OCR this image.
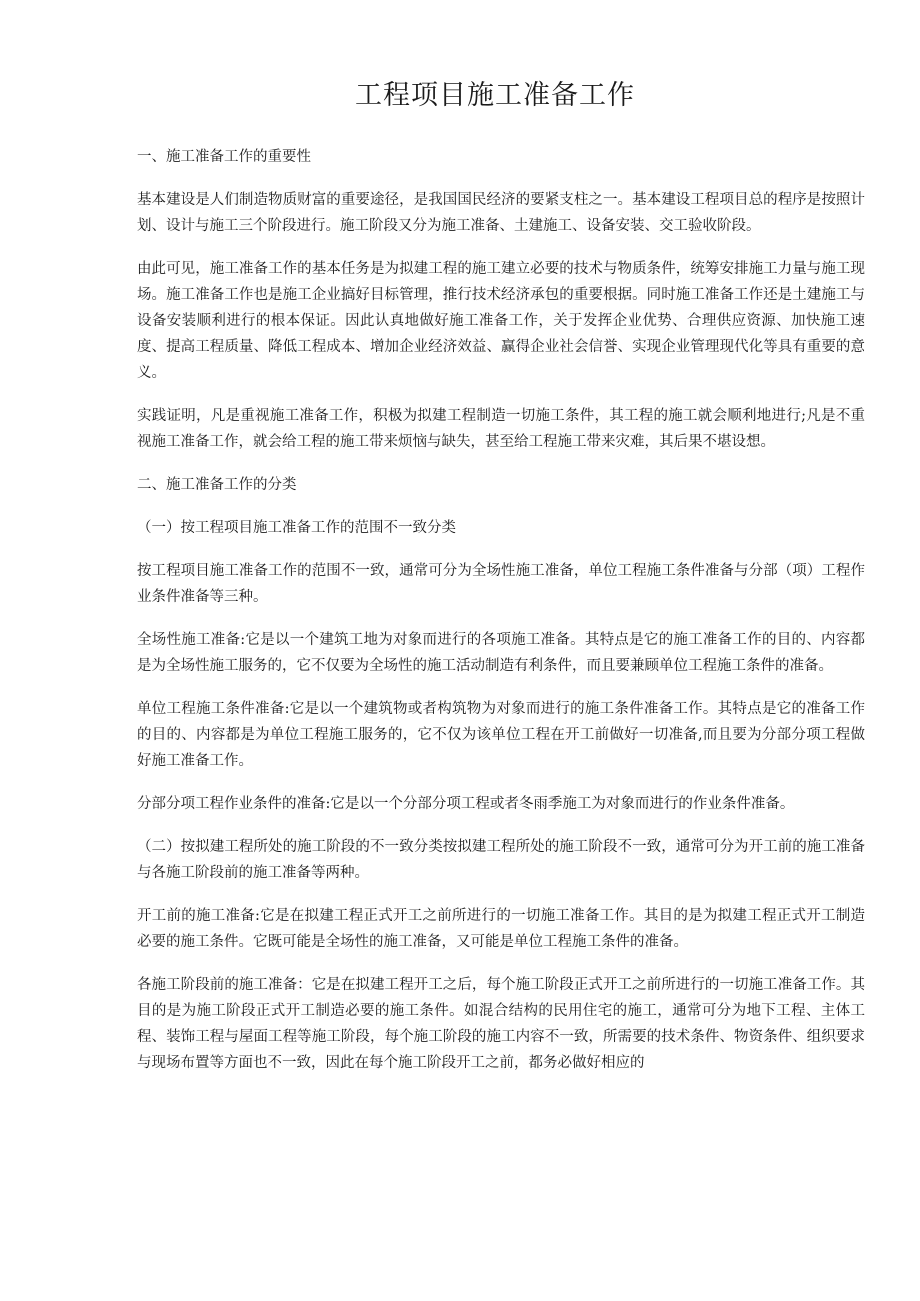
工程项目施工准备工作

一、施工准备工作的重要性

基本建设是人们制造物质财富的重要途径，是我国国民经济的要紧支柱之一。基本建设工程项目总的程序是按照计划、设计与施工三个阶段进行。施工阶段又分为施工准备、土建施工、设备安装、交工验收阶段。

由此可见，施工准备工作的基本任务是为拟建工程的施工建立必要的技术与物质条件，统筹安排施工力量与施工现场。施工准备工作也是施工企业搞好目标管理，推行技术经济承包的重要根据。同时施工准备工作还是土建施工与设备安装顺利进行的根本保证。因此认真地做好施工准备工作，关于发挥企业优势、合理供应资源、加快施工速度、提高工程质量、降低工程成本、增加企业经济效益、赢得企业社会信誉、实现企业管理现代化等具有重要的意义。

实践证明，凡是重视施工准备工作，积极为拟建工程制造一切施工条件，其工程的施工就会顺利地进行;凡是不重视施工准备工作，就会给工程的施工带来烦恼与缺失，甚至给工程施工带来灾难，其后果不堪设想。

二、施工准备工作的分类

（一）按工程项目施工准备工作的范围不一致分类

按工程项目施工准备工作的范围不一致，通常可分为全场性施工准备，单位工程施工条件准备与分部（项）工程作业条件准备等三种。

全场性施工准备:它是以一个建筑工地为对象而进行的各项施工准备。其特点是它的施工准备工作的目的、内容都是为全场性施工服务的，它不仅要为全场性的施工活动制造有利条件，而且要兼顾单位工程施工条件的准备。

单位工程施工条件准备:它是以一个建筑物或者构筑物为对象而进行的施工条件准备工作。其特点是它的准备工作的目的、内容都是为单位工程施工服务的，它不仅为该单位工程在开工前做好一切准备,而且要为分部分项工程做好施工准备工作。

分部分项工程作业条件的准备:它是以一个分部分项工程或者冬雨季施工为对象而进行的作业条件准备。

（二）按拟建工程所处的施工阶段的不一致分类按拟建工程所处的施工阶段不一致，通常可分为开工前的施工准备与各施工阶段前的施工准备等两种。

开工前的施工准备:它是在拟建工程正式开工之前所进行的一切施工准备工作。其目的是为拟建工程正式开工制造必要的施工条件。它既可能是全场性的施工准备，又可能是单位工程施工条件的准备。

各施工阶段前的施工准备：它是在拟建工程开工之后，每个施工阶段正式开工之前所进行的一切施工准备工作。其目的是为施工阶段正式开工制造必要的施工条件。如混合结构的民用住宅的施工，通常可分为地下工程、主体工程、装饰工程与屋面工程等施工阶段，每个施工阶段的施工内容不一致，所需要的技术条件、物资条件、组织要求与现场布置等方面也不一致，因此在每个施工阶段开工之前，都务必做好相应的
